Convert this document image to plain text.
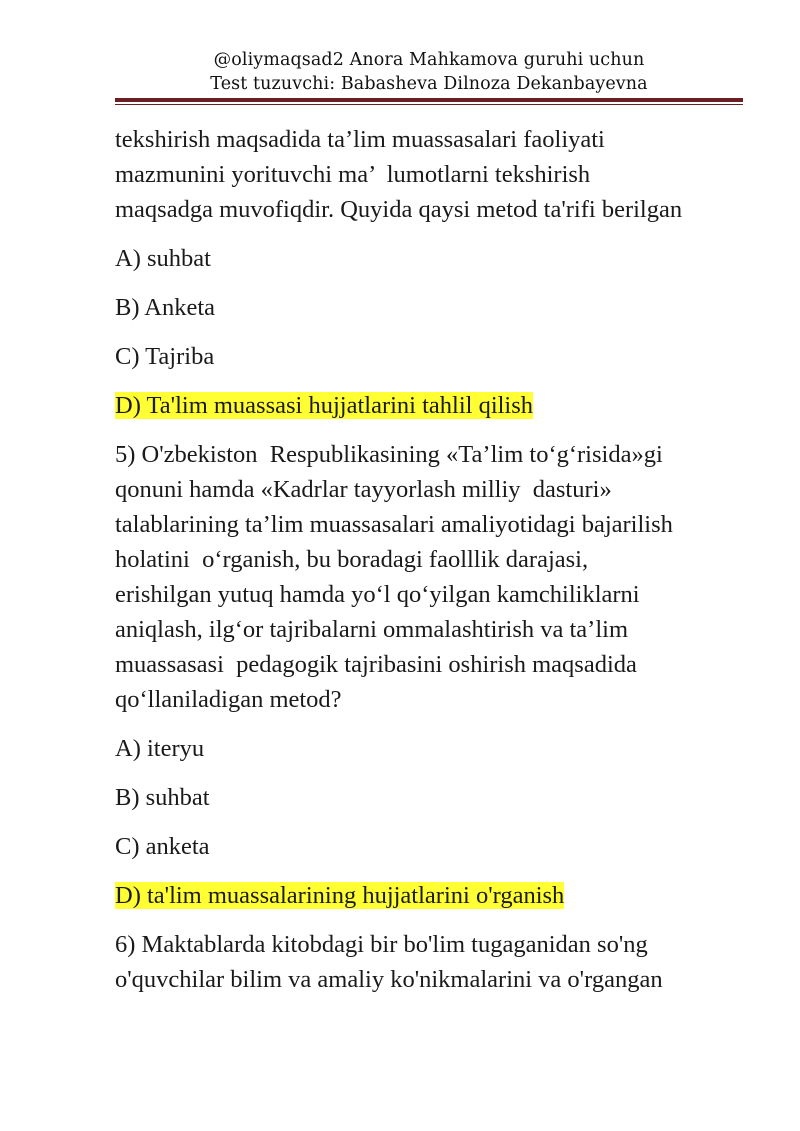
@oliymaqsad2 Anora Mahkamova guruhi uchun
Test tuzuvchi: Babasheva Dilnoza Dekanbayevna

tekshirish maqsadida ta’lim muassasalari faoliyati
mazmunini yorituvchi ma’  lumotlarni tekshirish
maqsadga muvofiqdir. Quyida qaysi metod ta'rifi berilgan

A) suhbat

B) Anketa

C) Tajriba

D) Ta'lim muassasi hujjatlarini tahlil qilish

5) O'zbekiston  Respublikasining «Ta’lim to‘g‘risida»gi
qonuni hamda «Kadrlar tayyorlash milliy  dasturi»
talablarining ta’lim muassasalari amaliyotidagi bajarilish
holatini  o‘rganish, bu boradagi faolllik darajasi,
erishilgan yutuq hamda yo‘l qo‘yilgan kamchiliklarni
aniqlash, ilg‘or tajribalarni ommalashtirish va ta’lim
muassasasi  pedagogik tajribasini oshirish maqsadida
qo‘llaniladigan metod?

A) iteryu

B) suhbat

C) anketa

D) ta'lim muassalarining hujjatlarini o'rganish

6) Maktablarda kitobdagi bir bo'lim tugaganidan so'ng
o'quvchilar bilim va amaliy ko'nikmalarini va o'rgangan
